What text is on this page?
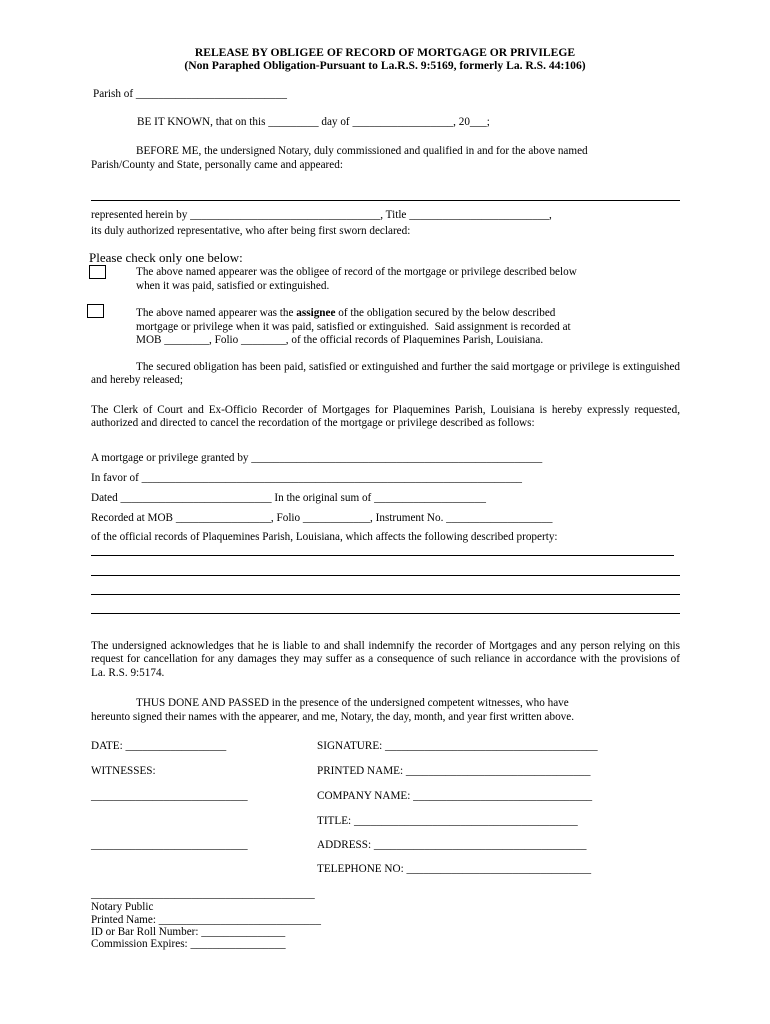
RELEASE BY OBLIGEE OF RECORD OF MORTGAGE OR PRIVILEGE
(Non Paraphed Obligation-Pursuant to La.R.S. 9:5169, formerly La. R.S. 44:106)
Parish of ___________________________
BE IT KNOWN, that on this _________ day of __________________, 20___;
BEFORE ME, the undersigned Notary, duly commissioned and qualified in and for the above named
Parish/County and State, personally came and appeared:
represented herein by __________________________________, Title _________________________,
its duly authorized representative, who after being first sworn declared:
Please check only one below:
The above named appearer was the obligee of record of the mortgage or privilege described below
when it was paid, satisfied or extinguished.
The above named appearer was the assignee of the obligation secured by the below described
mortgage or privilege when it was paid, satisfied or extinguished.  Said assignment is recorded at
MOB ________, Folio ________, of the official records of Plaquemines Parish, Louisiana.
The secured obligation has been paid, satisfied or extinguished and further the said mortgage or privilege is extinguished and hereby released;
The Clerk of Court and Ex-Officio Recorder of Mortgages for Plaquemines Parish, Louisiana is hereby expressly requested, authorized and directed to cancel the recordation of the mortgage or privilege described as follows:
A mortgage or privilege granted by ____________________________________________________
In favor of ____________________________________________________________________
Dated ___________________________ In the original sum of ____________________
Recorded at MOB _________________, Folio ____________, Instrument No. ___________________
of the official records of Plaquemines Parish, Louisiana, which affects the following described property:
The undersigned acknowledges that he is liable to and shall indemnify the recorder of Mortgages and any person relying on this request for cancellation for any damages they may suffer as a consequence of such reliance in accordance with the provisions of La. R.S. 9:5174.
THUS DONE AND PASSED in the presence of the undersigned competent witnesses, who have
hereunto signed their names with the appearer, and me, Notary, the day, month, and year first written above.
DATE: __________________
WITNESSES:
____________________________
____________________________
SIGNATURE: ______________________________________
PRINTED NAME: _________________________________
COMPANY NAME: ________________________________
TITLE: ________________________________________
ADDRESS: ______________________________________
TELEPHONE NO: _________________________________
________________________________________
Notary Public
Printed Name: _____________________________
ID or Bar Roll Number: _______________
Commission Expires: _________________
